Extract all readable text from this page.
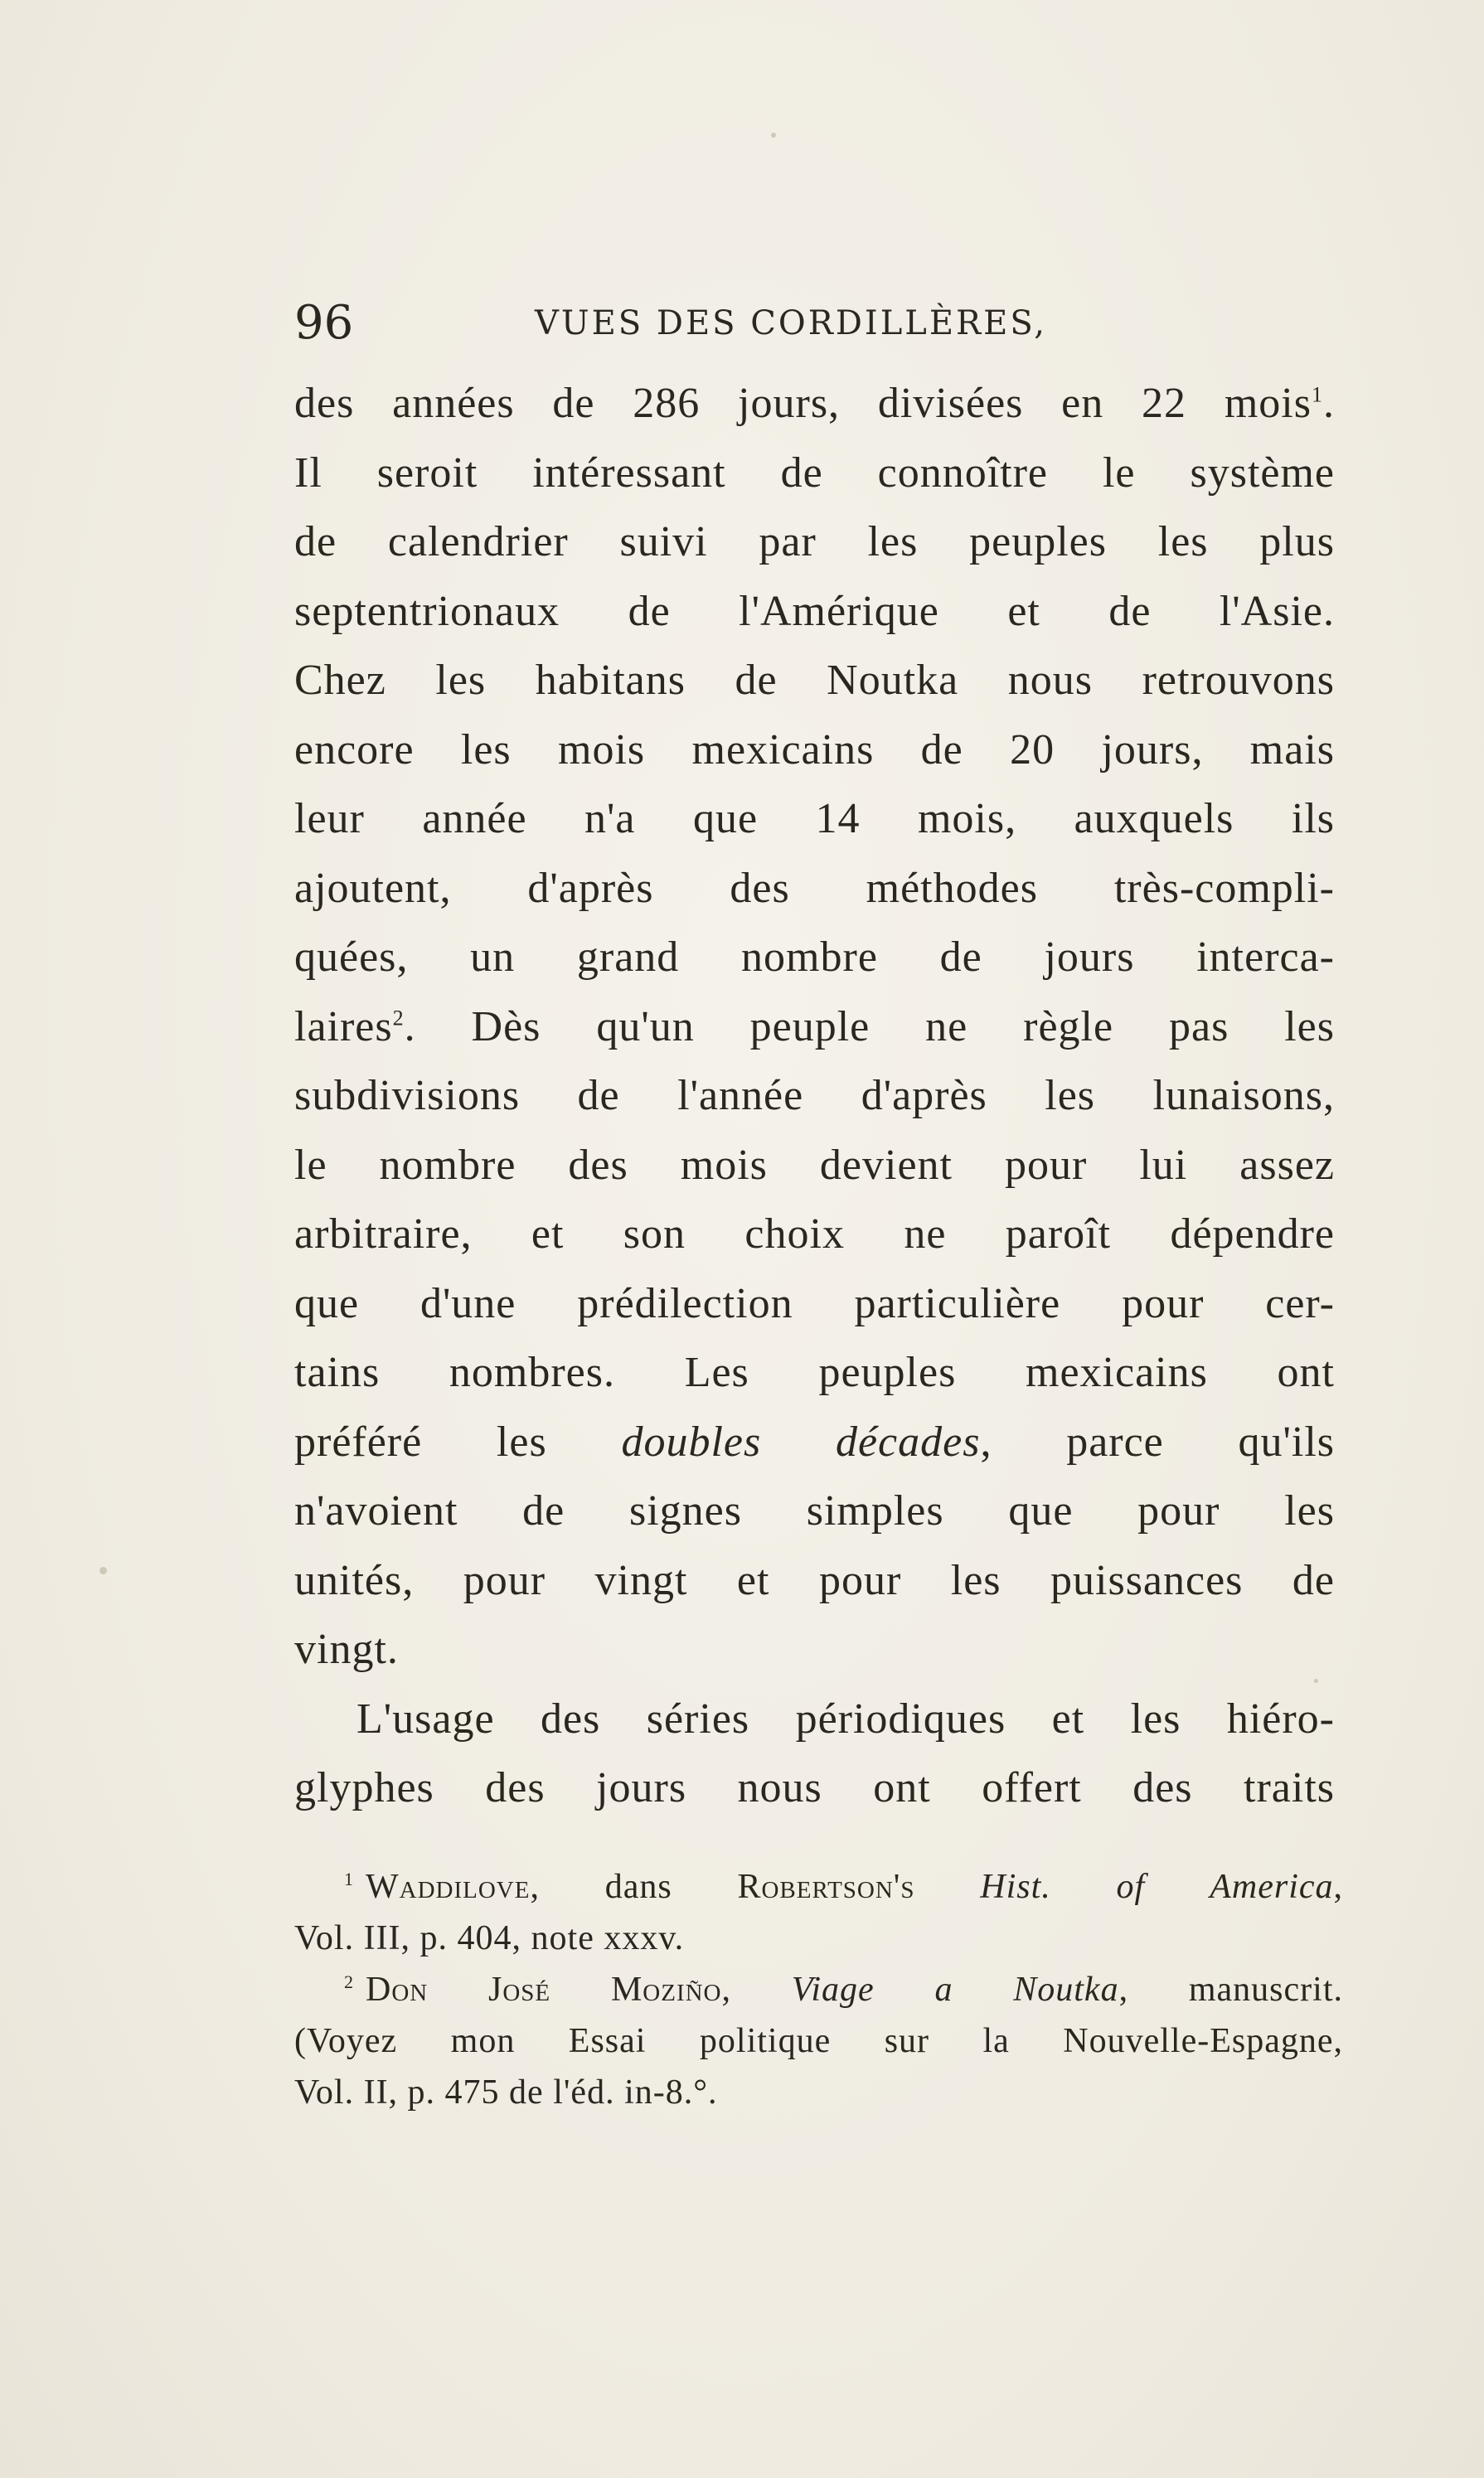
96	VUES DES CORDILLÈRES,
des années de 286 jours, divisées en 22 mois$^1$.
Il seroit intéressant de connoître le système
de calendrier suivi par les peuples les plus
septentrionaux de l'Amérique et de l'Asie.
Chez les habitans de Noutka nous retrouvons
encore les mois mexicains de 20 jours, mais
leur année n'a que 14 mois, auxquels ils
ajoutent, d'après des méthodes très-compli-
quées, un grand nombre de jours interca-
laires$^2$. Dès qu'un peuple ne règle pas les
subdivisions de l'année d'après les lunaisons,
le nombre des mois devient pour lui assez
arbitraire, et son choix ne paroît dépendre
que d'une prédilection particulière pour cer-
tains nombres. Les peuples mexicains ont
préféré les doubles décades, parce qu'ils
n'avoient de signes simples que pour les
unités, pour vingt et pour les puissances de
vingt.
L'usage des séries périodiques et les hiéro-
glyphes des jours nous ont offert des traits
$^1$ Waddilove, dans Robertson's Hist. of America,
Vol. III, p. 404, note xxxv.
$^2$ Don José Moziño, Viage a Noutka, manuscrit.
(Voyez mon Essai politique sur la Nouvelle-Espagne,
Vol. II, p. 475 de l'éd. in-8.°.
